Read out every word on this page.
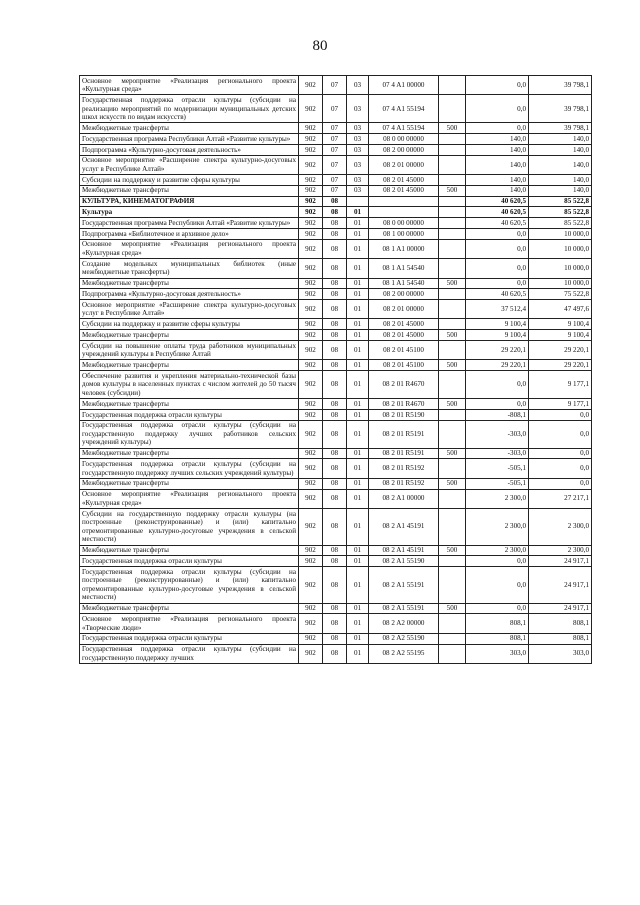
80
Основное мероприятие «Реализация регионального проекта «Культурная среда»	902	07	03	07 4 A1 00000		0,0	39 798,1
Государственная поддержка отрасли культуры (субсидии на реализацию мероприятий по модернизации муниципальных детских школ искусств по видам искусств)	902	07	03	07 4 A1 55194		0,0	39 798,1
Межбюджетные трансферты	902	07	03	07 4 A1 55194	500	0,0	39 798,1
Государственная программа Республики Алтай «Развитие культуры»	902	07	03	08 0 00 00000		140,0	140,0
Подпрограмма «Культурно-досуговая деятельность»	902	07	03	08 2 00 00000		140,0	140,0
Основное мероприятие «Расширение спектра культурно-досуговых услуг в Республике Алтай»	902	07	03	08 2 01 00000		140,0	140,0
Субсидии на поддержку и развитие сферы культуры	902	07	03	08 2 01 45000		140,0	140,0
Межбюджетные трансферты	902	07	03	08 2 01 45000	500	140,0	140,0
КУЛЬТУРА, КИНЕМАТОГРАФИЯ	902	08				40 620,5	85 522,8
Культура	902	08	01			40 620,5	85 522,8
Государственная программа Республики Алтай «Развитие культуры»	902	08	01	08 0 00 00000		40 620,5	85 522,8
Подпрограмма «Библиотечное и архивное дело»	902	08	01	08 1 00 00000		0,0	10 000,0
Основное мероприятие «Реализация регионального проекта «Культурная среда»	902	08	01	08 1 A1 00000		0,0	10 000,0
Создание модельных муниципальных библиотек (иные межбюджетные трансферты)	902	08	01	08 1 A1 54540		0,0	10 000,0
Межбюджетные трансферты	902	08	01	08 1 A1 54540	500	0,0	10 000,0
Подпрограмма «Культурно-досуговая деятельность»	902	08	01	08 2 00 00000		40 620,5	75 522,8
Основное мероприятие «Расширение спектра культурно-досуговых услуг в Республике Алтай»	902	08	01	08 2 01 00000		37 512,4	47 497,6
Субсидии на поддержку и развитие сферы культуры	902	08	01	08 2 01 45000		9 100,4	9 100,4
Межбюджетные трансферты	902	08	01	08 2 01 45000	500	9 100,4	9 100,4
Субсидии на повышение оплаты труда работников муниципальных учреждений культуры в Республике Алтай	902	08	01	08 2 01 45100		29 220,1	29 220,1
Межбюджетные трансферты	902	08	01	08 2 01 45100	500	29 220,1	29 220,1
Обеспечение развития и укрепления материально-технической базы домов культуры в населенных пунктах с числом жителей до 50 тысяч человек (субсидии)	902	08	01	08 2 01 R4670		0,0	9 177,1
Межбюджетные трансферты	902	08	01	08 2 01 R4670	500	0,0	9 177,1
Государственная поддержка отрасли культуры	902	08	01	08 2 01 R5190		-808,1	0,0
Государственная поддержка отрасли культуры (субсидии на государственную поддержку лучших работников сельских учреждений культуры)	902	08	01	08 2 01 R5191		-303,0	0,0
Межбюджетные трансферты	902	08	01	08 2 01 R5191	500	-303,0	0,0
Государственная поддержка отрасли культуры (субсидии на государственную поддержку лучших сельских учреждений культуры)	902	08	01	08 2 01 R5192		-505,1	0,0
Межбюджетные трансферты	902	08	01	08 2 01 R5192	500	-505,1	0,0
Основное мероприятие «Реализация регионального проекта «Культурная среда»	902	08	01	08 2 A1 00000		2 300,0	27 217,1
Субсидии на государственную поддержку отрасли культуры (на построенные (реконструированные) и (или) капитально отремонтированные культурно-досуговые учреждения в сельской местности)	902	08	01	08 2 A1 45191		2 300,0	2 300,0
Межбюджетные трансферты	902	08	01	08 2 A1 45191	500	2 300,0	2 300,0
Государственная поддержка отрасли культуры	902	08	01	08 2 A1 55190		0,0	24 917,1
Государственная поддержка отрасли культуры (субсидии на построенные (реконструированные) и (или) капитально отремонтированные культурно-досуговые учреждения в сельской местности)	902	08	01	08 2 A1 55191		0,0	24 917,1
Межбюджетные трансферты	902	08	01	08 2 A1 55191	500	0,0	24 917,1
Основное мероприятие «Реализация регионального проекта «Творческие люди»	902	08	01	08 2 A2 00000		808,1	808,1
Государственная поддержка отрасли культуры	902	08	01	08 2 A2 55190		808,1	808,1
Государственная поддержка отрасли культуры (субсидии на государственную поддержку лучших	902	08	01	08 2 A2 55195		303,0	303,0
